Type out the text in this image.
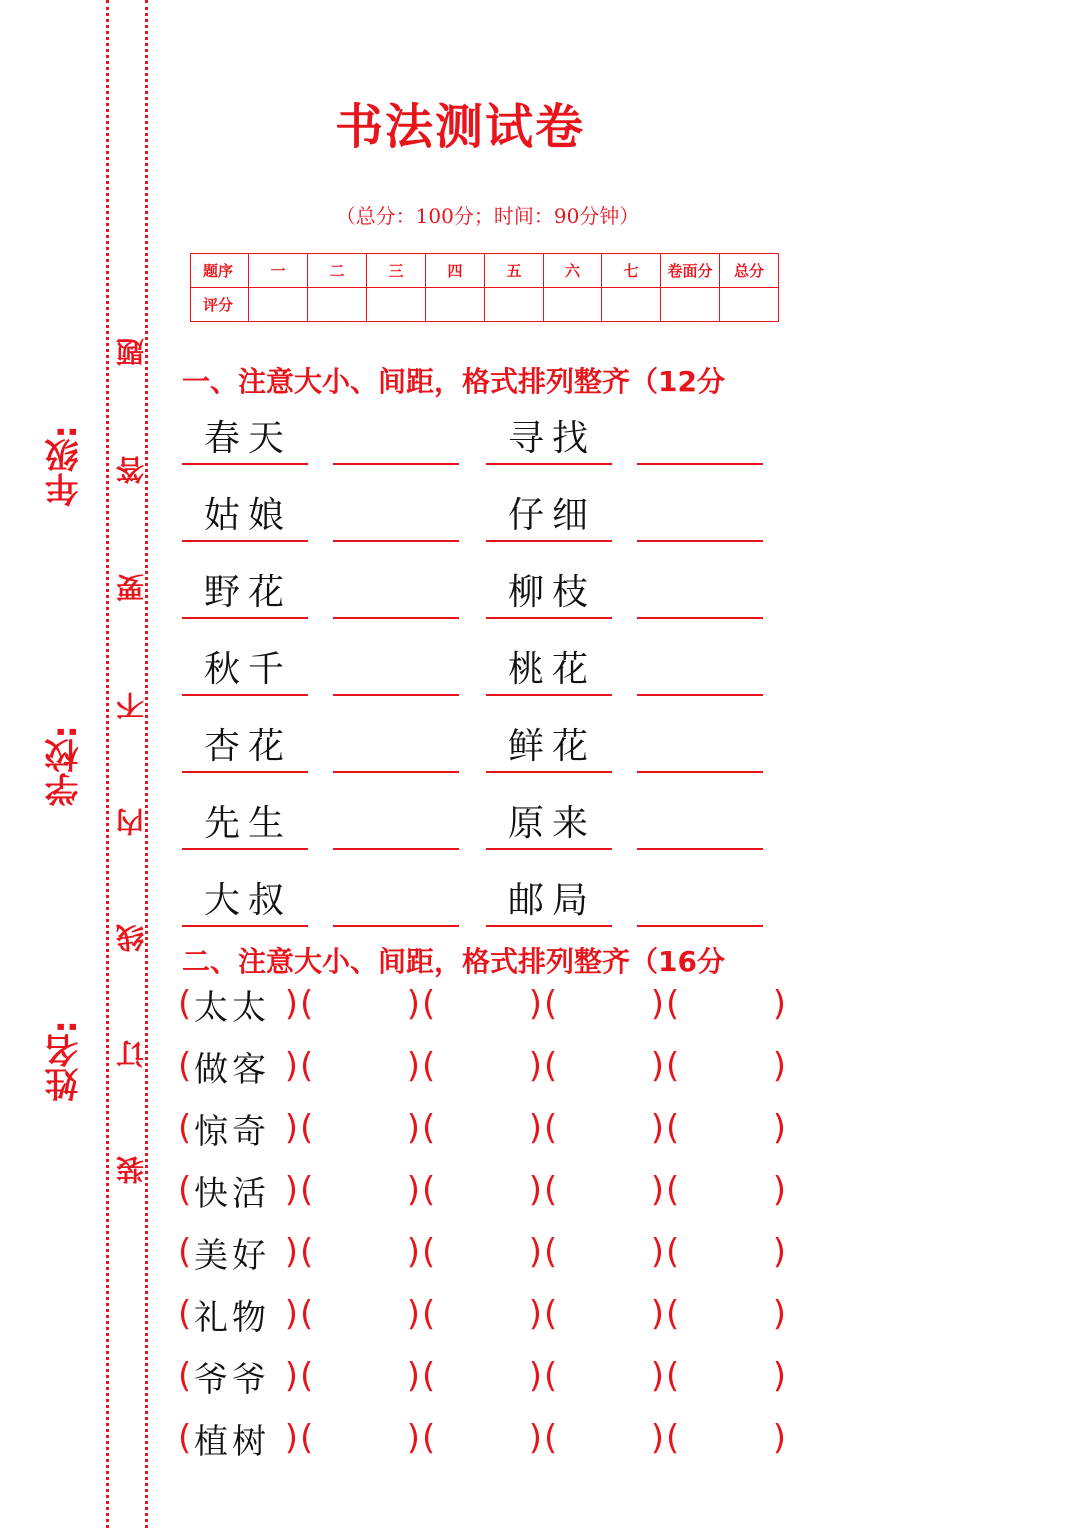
年级:
学校:
姓名:
题
答
要
不
内
线
订
装
书法测试卷
（总分：100分；时间：90分钟）
题序	一	二	三	四	五	六	七	卷面分	总分
评分									
一、注意大小、间距，格式排列整齐（12分
春天	寻找
姑娘	仔细
野花	柳枝
秋千	桃花
杏花	鲜花
先生	原来
大叔	邮局
二、注意大小、间距，格式排列整齐（16分
( 太太 ) (	) (	) (	) (	)
( 做客 ) (	) (	) (	) (	)
( 惊奇 ) (	) (	) (	) (	)
( 快活 ) (	) (	) (	) (	)
( 美好 ) (	) (	) (	) (	)
( 礼物 ) (	) (	) (	) (	)
( 爷爷 ) (	) (	) (	) (	)
( 植树 ) (	) (	) (	) (	)
